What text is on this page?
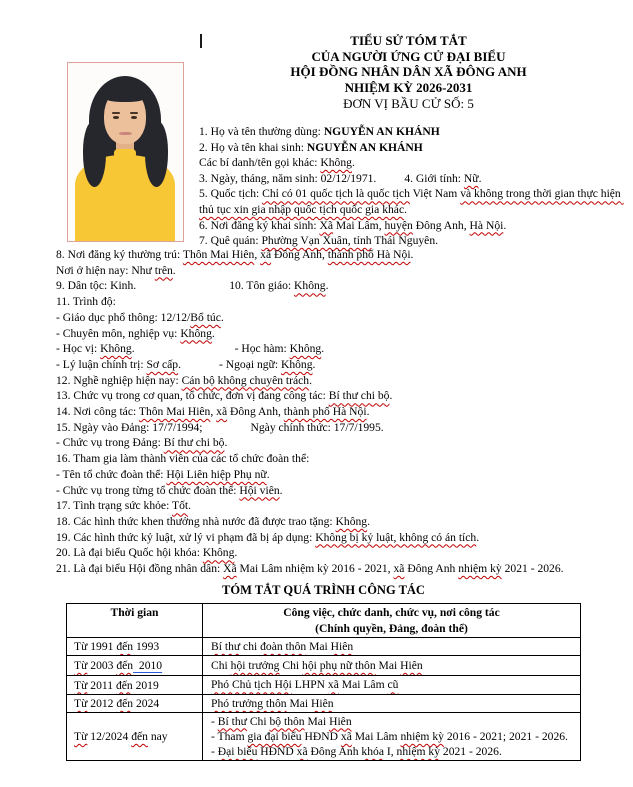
TIỂU SỬ TÓM TẮT
CỦA NGƯỜI ỨNG CỬ ĐẠI BIỂU
HỘI ĐỒNG NHÂN DÂN XÃ ĐÔNG ANH
NHIỆM KỲ 2026-2031
ĐƠN VỊ BẦU CỬ SỐ: 5

1. Họ và tên thường dùng: NGUYỄN AN KHÁNH

2. Họ và tên khai sinh: NGUYỄN AN KHÁNH

Các bí danh/tên gọi khác: Không.

3. Ngày, tháng, năm sinh: 02/12/1971. 4. Giới tính: Nữ.

5. Quốc tịch: Chỉ có 01 quốc tịch là quốc tịch Việt Nam và không trong thời gian thực hiện thủ tục xin gia nhập quốc tịch quốc gia khác.

6. Nơi đăng ký khai sinh: Xã Mai Lâm, huyện Đông Anh, Hà Nội.

7. Quê quán: Phường Vạn Xuân, tỉnh Thái Nguyên.

8. Nơi đăng ký thường trú: Thôn Mai Hiên, xã Đông Anh, thành phố Hà Nội.

Nơi ở hiện nay: Như trên.

9. Dân tộc: Kinh.	10. Tôn giáo: Không.

11. Trình độ:

- Giáo dục phổ thông: 12/12/Bổ túc.

- Chuyên môn, nghiệp vụ: Không.

- Học vị: Không.	- Học hàm: Không.

- Lý luận chính trị: Sơ cấp.	- Ngoại ngữ: Không.

12. Nghề nghiệp hiện nay: Cán bộ không chuyên trách.

13. Chức vụ trong cơ quan, tổ chức, đơn vị đang công tác: Bí thư chi bộ.

14. Nơi công tác: Thôn Mai Hiên, xã Đông Anh, thành phố Hà Nội.

15. Ngày vào Đảng: 17/7/1994;	Ngày chính thức: 17/7/1995.

- Chức vụ trong Đảng: Bí thư chi bộ.

16. Tham gia làm thành viên của các tổ chức đoàn thể:

- Tên tổ chức đoàn thể: Hội Liên hiệp Phụ nữ.

- Chức vụ trong từng tổ chức đoàn thể: Hội viên.

17. Tình trạng sức khỏe: Tốt.

18. Các hình thức khen thưởng nhà nước đã được trao tặng: Không.

19. Các hình thức kỷ luật, xử lý vi phạm đã bị áp dụng: Không bị kỷ luật, không có án tích.

20. Là đại biểu Quốc hội khóa: Không.

21. Là đại biểu Hội đồng nhân dân: Xã Mai Lâm nhiệm kỳ 2016 - 2021, xã Đông Anh nhiệm kỳ 2021 - 2026.

TÓM TẮT QUÁ TRÌNH CÔNG TÁC
Thời gian	Công việc, chức danh, chức vụ, nơi công tác
(Chính quyền, Đảng, đoàn thể)

Từ 1991 đến 1993	Bí thư chi đoàn thôn Mai Hiên

Từ 2003 đến  2010	Chi hội trưởng Chi hội phụ nữ thôn Mai Hiên

Từ 2011 đến 2019	Phó Chủ tịch Hội LHPN xã Mai Lâm cũ

Từ 2012 đến 2024	Phó trưởng thôn Mai Hiên

Từ 12/2024 đến nay	- Bí thư Chi bộ thôn Mai Hiên
- Tham gia đại biểu HĐND xã Mai Lâm nhiệm kỳ 2016 - 2021; 2021 - 2026.
- Đại biểu HĐND xã Đông Anh khóa I, nhiệm kỳ 2021 - 2026.
